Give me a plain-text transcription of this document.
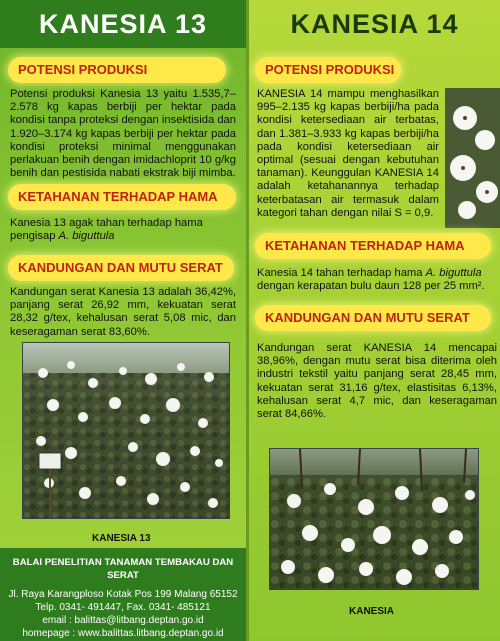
KANESIA 13
POTENSI PRODUKSI
Potensi produksi Kanesia 13 yaitu 1.535,7–2.578 kg kapas berbiji per hektar pada kondisi tanpa proteksi dengan insektisida dan 1.920–3.174 kg kapas berbiji per hektar pada kondisi proteksi minimal menggunakan perlakuan benih dengan imidachloprit 10 g/kg benih dan pestisida nabati ekstrak biji mimba.
KETAHANAN TERHADAP HAMA
Kanesia 13 agak tahan terhadap hama pengisap A. biguttula
KANDUNGAN DAN MUTU SERAT
Kandungan serat Kanesia 13 adalah 36,42%, panjang serat 26,92 mm, kekuatan serat 28,32 g/tex, kehalusan serat 5,08 mic, dan keseragaman serat 83,60%.
KANESIA 13
BALAI PENELITIAN TANAMAN TEMBAKAU DAN SERAT
Jl. Raya Karangploso Kotak Pos 199 Malang 65152
Telp. 0341- 491447, Fax. 0341- 485121
email : balittas@litbang.deptan.go.id
homepage : www.balittas.litbang.deptan.go.id
KANESIA 14
POTENSI PRODUKSI
KANESIA 14 mampu menghasilkan 995–2.135 kg kapas berbiji/ha pada kondisi ketersediaan air terbatas, dan 1.381–3.933 kg kapas berbiji/ha pada kondisi ketersediaan air optimal (sesuai dengan kebutuhan tanaman). Keunggulan KANESIA 14 adalah ketahanannya terhadap keterbatasan air termasuk dalam kategori tahan dengan nilai S = 0,9.
KETAHANAN TERHADAP HAMA
Kanesia 14 tahan terhadap hama A. biguttula dengan kerapatan bulu daun 128 per 25 mm².
KANDUNGAN DAN MUTU SERAT
Kandungan serat KANESIA 14 mencapai 38,96%, dengan mutu serat bisa diterima oleh industri tekstil yaitu panjang serat 28,45 mm, kekuatan serat 31,16 g/tex, elastisitas 6,13%, kehalusan serat 4,7 mic, dan keseragaman serat 84,66%.
KANESIA
